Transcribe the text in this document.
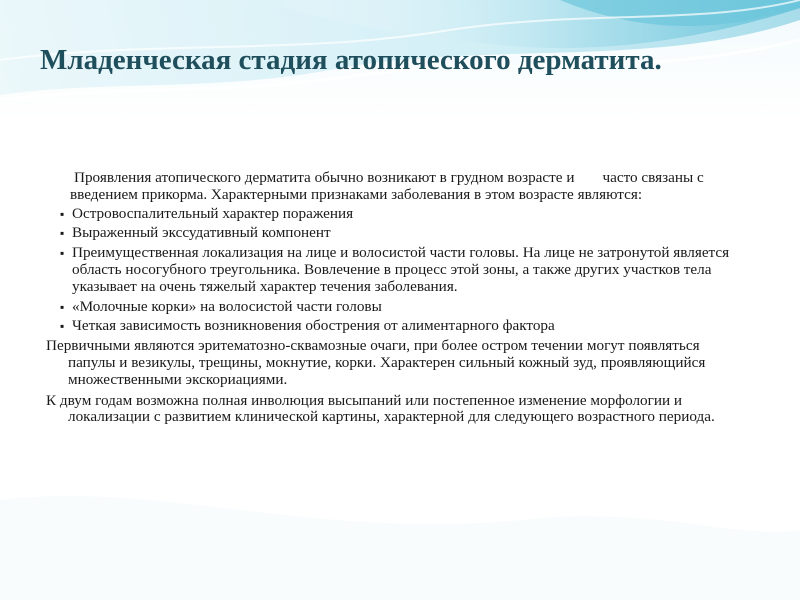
Младенческая стадия атопического дерматита.

Проявления атопического дерматита обычно возникают в грудном возрасте и часто связаны с введением прикорма. Характерными признаками заболевания в этом возрасте являются:

▪ Островоспалительный характер поражения
▪ Выраженный экссудативный компонент
▪ Преимущественная локализация на лице и волосистой части головы. На лице не затронутой является область носогубного треугольника. Вовлечение в процесс этой зоны, а также других участков тела указывает на очень тяжелый характер течения заболевания.
▪ «Молочные корки» на волосистой части головы
▪ Четкая зависимость возникновения обострения от алиментарного фактора

Первичными являются эритематозно-сквамозные очаги, при более остром течении могут появляться папулы и везикулы, трещины, мокнутие, корки. Характерен сильный кожный зуд, проявляющийся множественными экскориациями.

К двум годам возможна полная инволюция высыпаний или постепенное изменение морфологии и локализации с развитием клинической картины, характерной для следующего возрастного периода.
